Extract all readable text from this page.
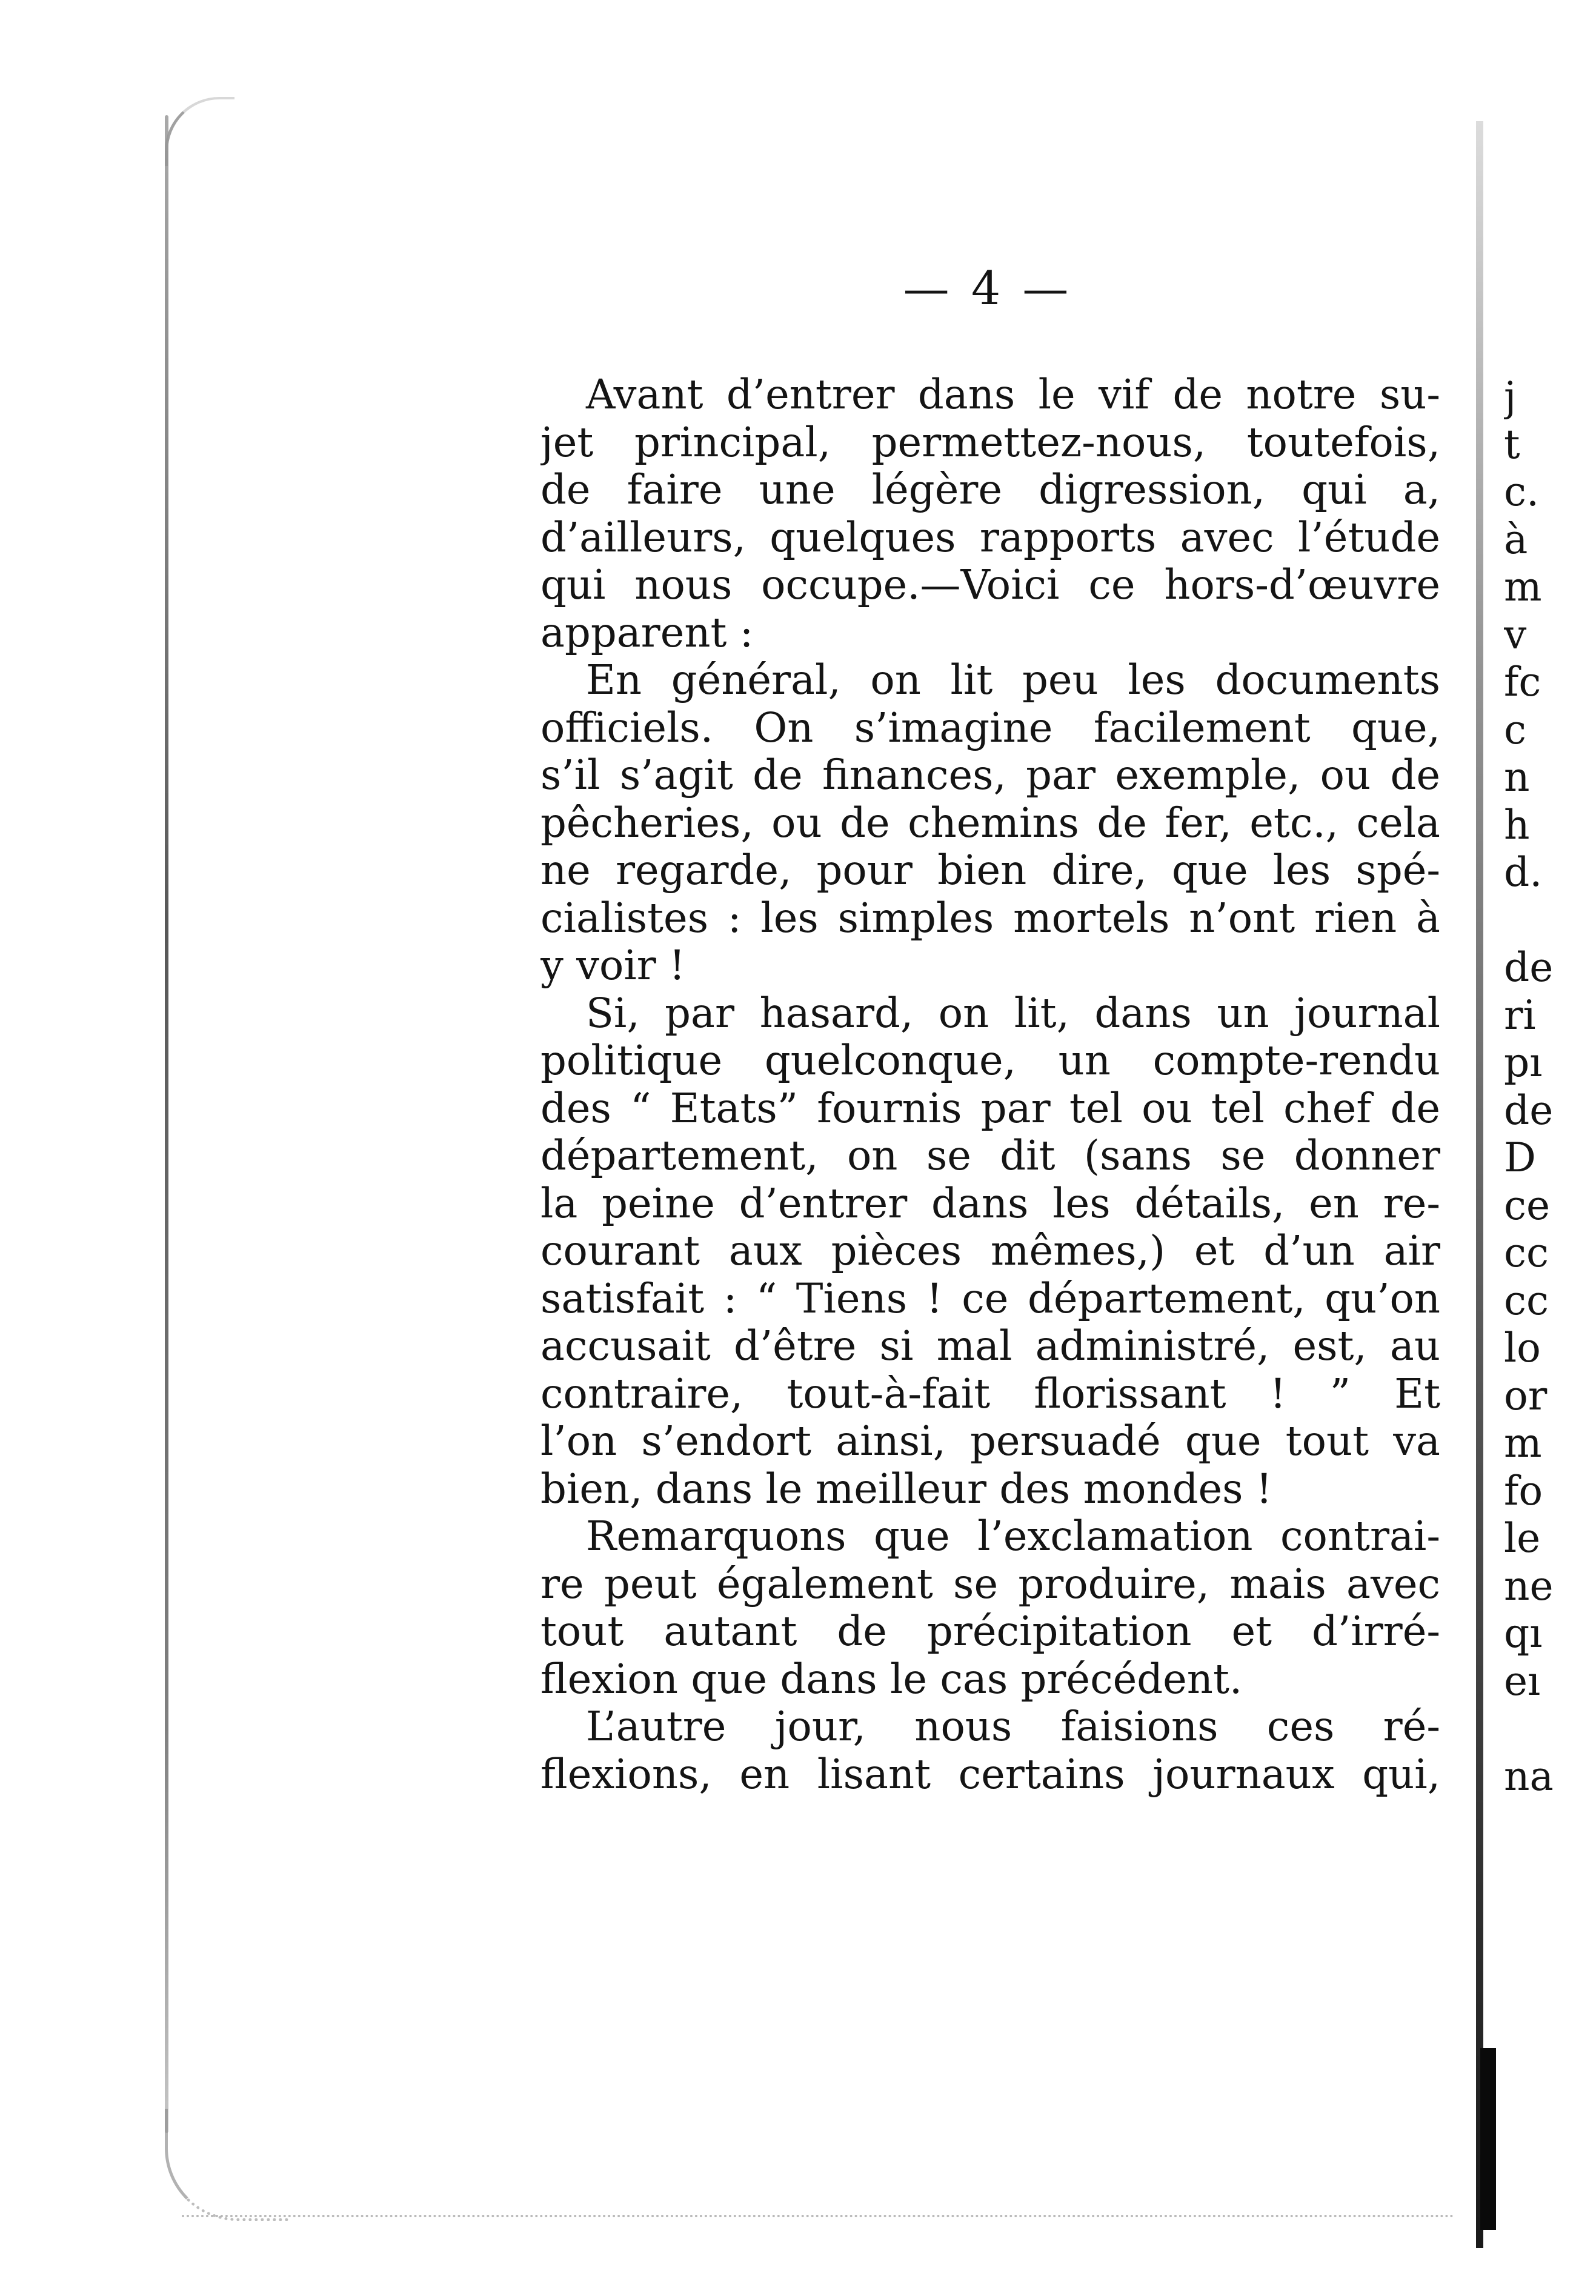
— 4 —

Avant d’entrer dans le vif de notre su-
jet principal, permettez-nous, toutefois,
de faire une légère digression, qui a,
d’ailleurs, quelques rapports avec l’étude
qui nous occupe.—Voici ce hors-d’œuvre
apparent :
En général, on lit peu les documents
officiels. On s’imagine facilement que,
s’il s’agit de finances, par exemple, ou de
pêcheries, ou de chemins de fer, etc., cela
ne regarde, pour bien dire, que les spé-
cialistes : les simples mortels n’ont rien à
y voir !
Si, par hasard, on lit, dans un journal
politique quelconque, un compte-rendu
des “ Etats” fournis par tel ou tel chef de
département, on se dit (sans se donner
la peine d’entrer dans les détails, en re-
courant aux pièces mêmes,) et d’un air
satisfait : “ Tiens ! ce département, qu’on
accusait d’être si mal administré, est, au
contraire, tout-à-fait florissant ! ” Et
l’on s’endort ainsi, persuadé que tout va
bien, dans le meilleur des mondes !
Remarquons que l’exclamation contrai-
re peut également se produire, mais avec
tout autant de précipitation et d’irré-
flexion que dans le cas précédent.
L’autre jour, nous faisions ces ré-
flexions, en lisant certains journaux qui,
j
t
c.
à
m
v
fc
c
n
h
d.
de
ri
pı
de
D
ce
cc
cc
lo
or
m
fo
le
ne
qı
eı
na
